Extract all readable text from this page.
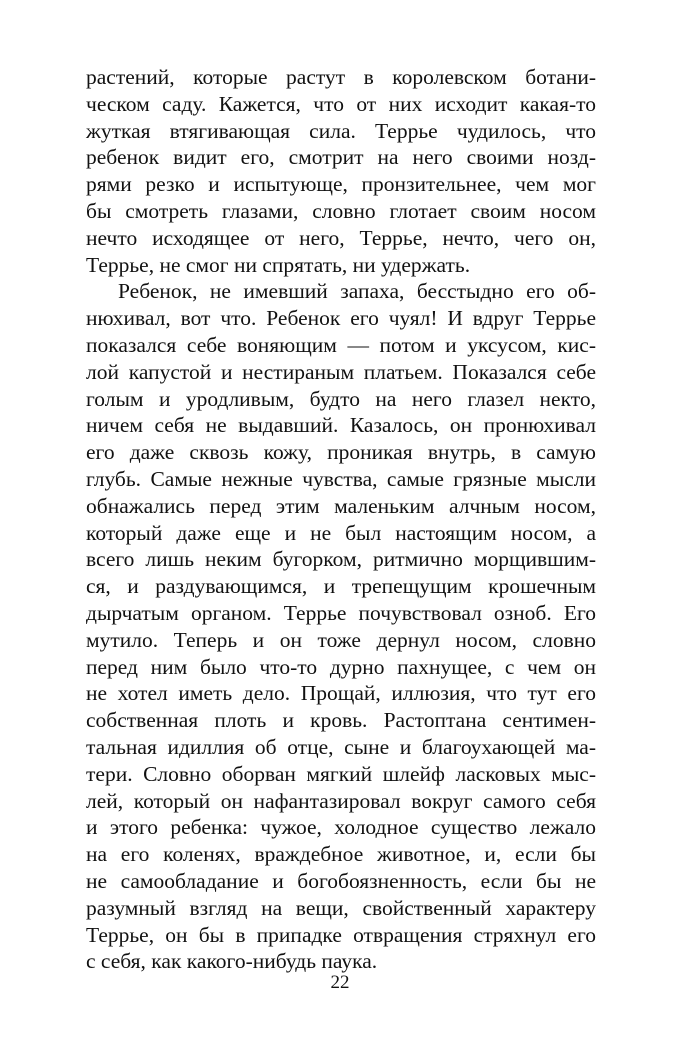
растений, которые растут в королевском ботани-
ческом саду. Кажется, что от них исходит какая-то
жуткая втягивающая сила. Террье чудилось, что
ребенок видит его, смотрит на него своими нозд-
рями резко и испытующе, пронзительнее, чем мог
бы смотреть глазами, словно глотает своим носом
нечто исходящее от него, Террье, нечто, чего он,
Террье, не смог ни спрятать, ни удержать.
Ребенок, не имевший запаха, бесстыдно его об-
нюхивал, вот что. Ребенок его чуял! И вдруг Террье
показался себе воняющим — потом и уксусом, кис-
лой капустой и нестираным платьем. Показался себе
голым и уродливым, будто на него глазел некто,
ничем себя не выдавший. Казалось, он пронюхивал
его даже сквозь кожу, проникая внутрь, в самую
глубь. Самые нежные чувства, самые грязные мысли
обнажались перед этим маленьким алчным носом,
который даже еще и не был настоящим носом, а
всего лишь неким бугорком, ритмично морщившим-
ся, и раздувающимся, и трепещущим крошечным
дырчатым органом. Террье почувствовал озноб. Его
мутило. Теперь и он тоже дернул носом, словно
перед ним было что-то дурно пахнущее, с чем он
не хотел иметь дело. Прощай, иллюзия, что тут его
собственная плоть и кровь. Растоптана сентимен-
тальная идиллия об отце, сыне и благоухающей ма-
тери. Словно оборван мягкий шлейф ласковых мыс-
лей, который он нафантазировал вокруг самого себя
и этого ребенка: чужое, холодное существо лежало
на его коленях, враждебное животное, и, если бы
не самообладание и богобоязненность, если бы не
разумный взгляд на вещи, свойственный характеру
Террье, он бы в припадке отвращения стряхнул его
с себя, как какого-нибудь паука.
22
